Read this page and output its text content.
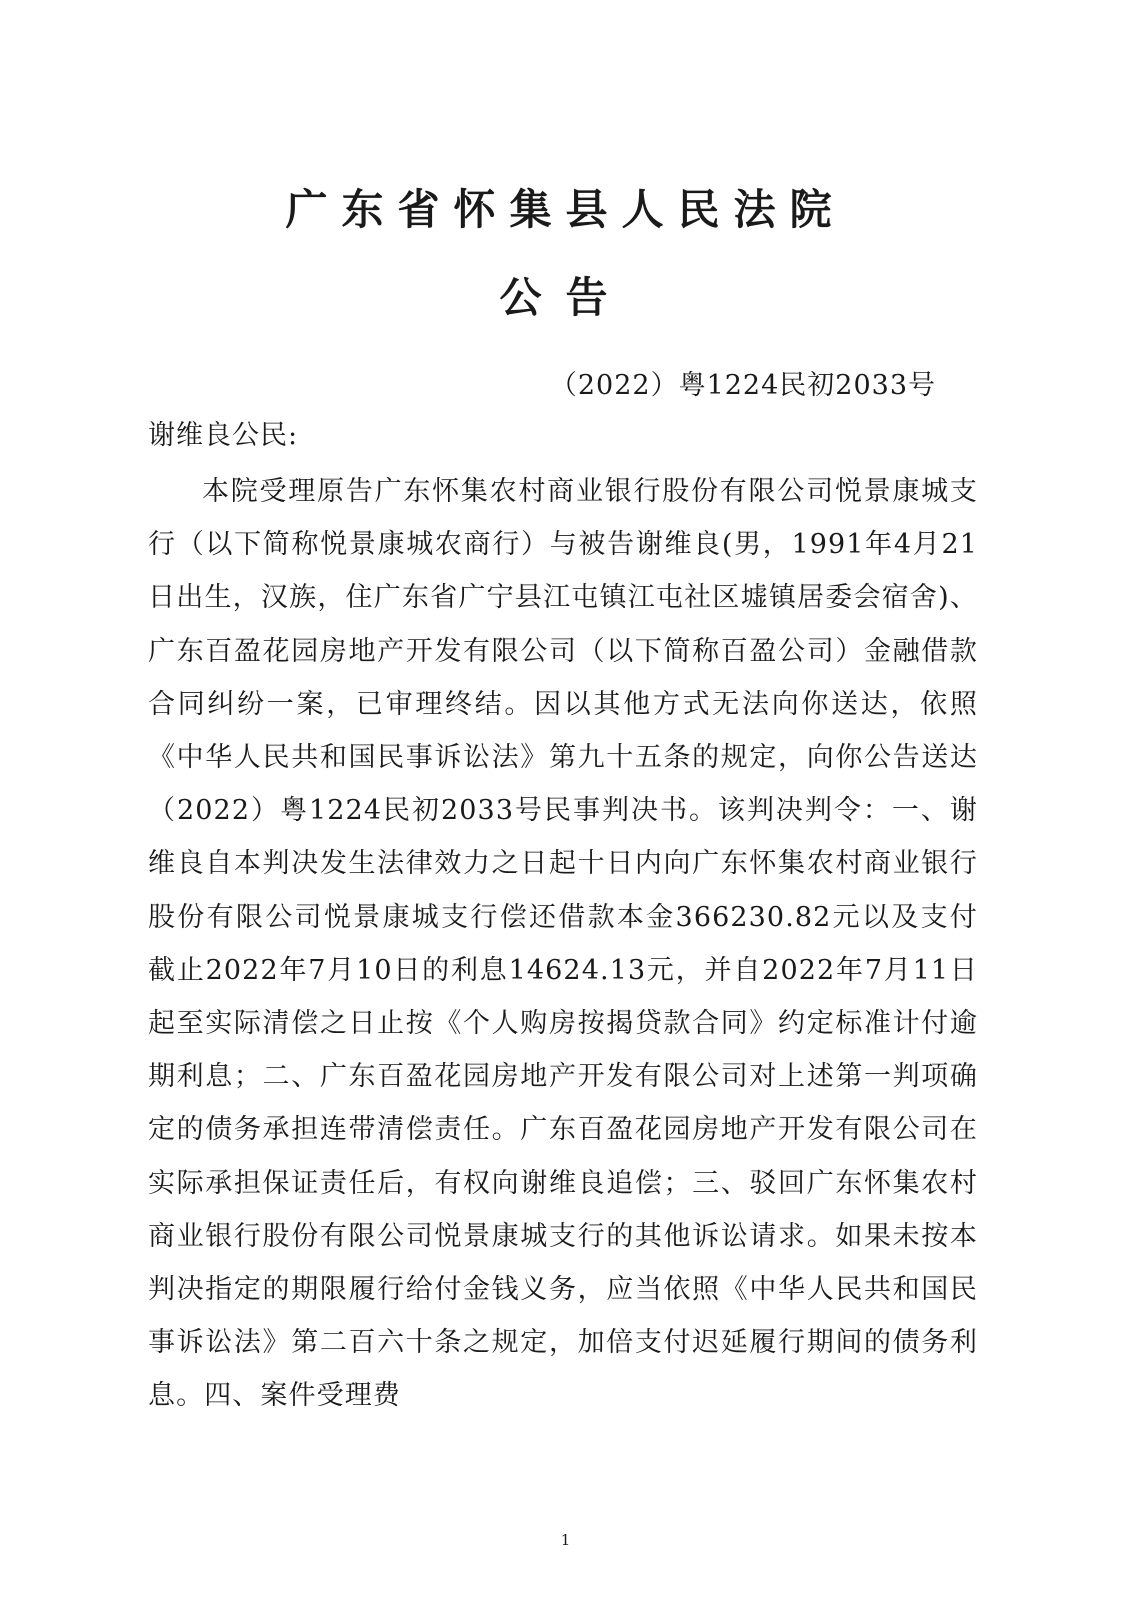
广东省怀集县人民法院
公告
（2022）粤1224民初2033号
谢维良公民:

本院受理原告广东怀集农村商业银行股份有限公司悦景康城支行（以下简称悦景康城农商行）与被告谢维良(男，1991年4月21日出生，汉族，住广东省广宁县江屯镇江屯社区墟镇居委会宿舍)、广东百盈花园房地产开发有限公司（以下简称百盈公司）金融借款合同纠纷一案，已审理终结。因以其他方式无法向你送达，依照《中华人民共和国民事诉讼法》第九十五条的规定，向你公告送达（2022）粤1224民初2033号民事判决书。该判决判令：一、谢维良自本判决发生法律效力之日起十日内向广东怀集农村商业银行股份有限公司悦景康城支行偿还借款本金366230.82元以及支付截止2022年7月10日的利息14624.13元，并自2022年7月11日起至实际清偿之日止按《个人购房按揭贷款合同》约定标准计付逾期利息；二、广东百盈花园房地产开发有限公司对上述第一判项确定的债务承担连带清偿责任。广东百盈花园房地产开发有限公司在实际承担保证责任后，有权向谢维良追偿；三、驳回广东怀集农村商业银行股份有限公司悦景康城支行的其他诉讼请求。如果未按本判决指定的期限履行给付金钱义务，应当依照《中华人民共和国民事诉讼法》第二百六十条之规定，加倍支付迟延履行期间的债务利息。四、案件受理费

1
